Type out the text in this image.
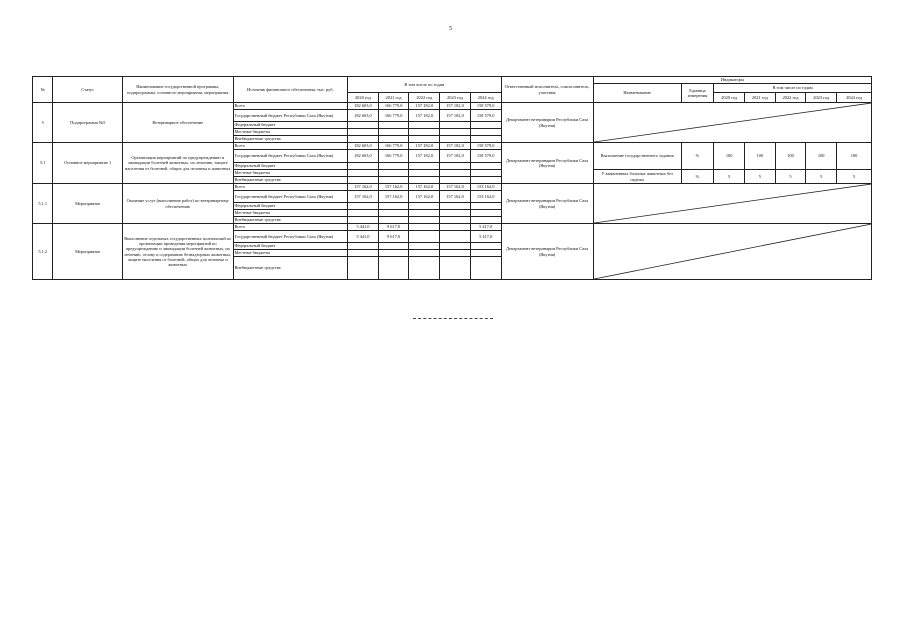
5
№	Статус	Наименование государственной программы, подпрограммы, основного мероприятия, мероприятия	Источник финансового обеспечения, тыс. руб.	В том числе по годам					Ответственный исполнитель, соисполнитель, участник	Индикаторы						
										Наименование	Единица измерения	В том числе по годам				
				2020 год	2021 год	2022 год	2023 год	2024 год				2020 год	2021 год	2022 год	2023 год	2024 год
5	Подпрограмма №5	Ветеринарное обеспечение	Всего	182 603,0	166 779,0	157 182,0	157 182,0	158 579,0	Департамент ветеринарии Республики Саха (Якутия)	

			Государственный бюджет Республики Саха (Якутия)	182 603,0	166 779,0	157 182,0	157 182,0	158 579,0								
			Федеральный бюджет													
			Местные бюджеты													
			Внебюджетные средства													
5.1	Основное мероприятие 1	Организация мероприятий по предупреждению и ликвидации болезней животных, их лечению, защите населения от болезней, общих для человека и животных	Всего	182 603,0	166 779,0	157 182,0	157 182,0	158 579,0	Департамент ветеринарии Республики Саха (Якутия)	Выполнение государственного задания	%	100	100	100	100	100
			Государственный бюджет Республики Саха (Якутия)	182 603,0	166 779,0	157 182,0	157 182,0	158 579,0								
			Федеральный бюджет													
			Местные бюджеты							У выявленных больных животных без падежа	%	5	5	5	5	5
			Внебюджетные средства													
5.1.1	Мероприятие	Оказание услуг (выполнение работ) по ветеринарному обеспечению	Всего	157 162,0	157 162,0	157 162,0	157 162,0	153 162,0	Департамент ветеринарии Республики Саха (Якутия)	

			Государственный бюджет Республики Саха (Якутия)	157 162,0	157 162,0	157 162,0	157 162,0	153 162,0								
			Федеральный бюджет													
			Местные бюджеты													
			Внебюджетные средства													
5.1.2	Мероприятие	Выполнение отдельных государственных полномочий по организации проведения мероприятий по предупреждению и ликвидации болезней животных, их лечению, отлову и содержанию безнадзорных животных, защите населения от болезней, общих для человека и животных	Всего	5 441,0	9 617,0			5 417,0	Департамент ветеринарии Республики Саха (Якутия)	

			Государственный бюджет Республики Саха (Якутия)	5 441,0	9 617,0			5 417,0								
			Федеральный бюджет													
			Местные бюджеты													
			Внебюджетные средства													
